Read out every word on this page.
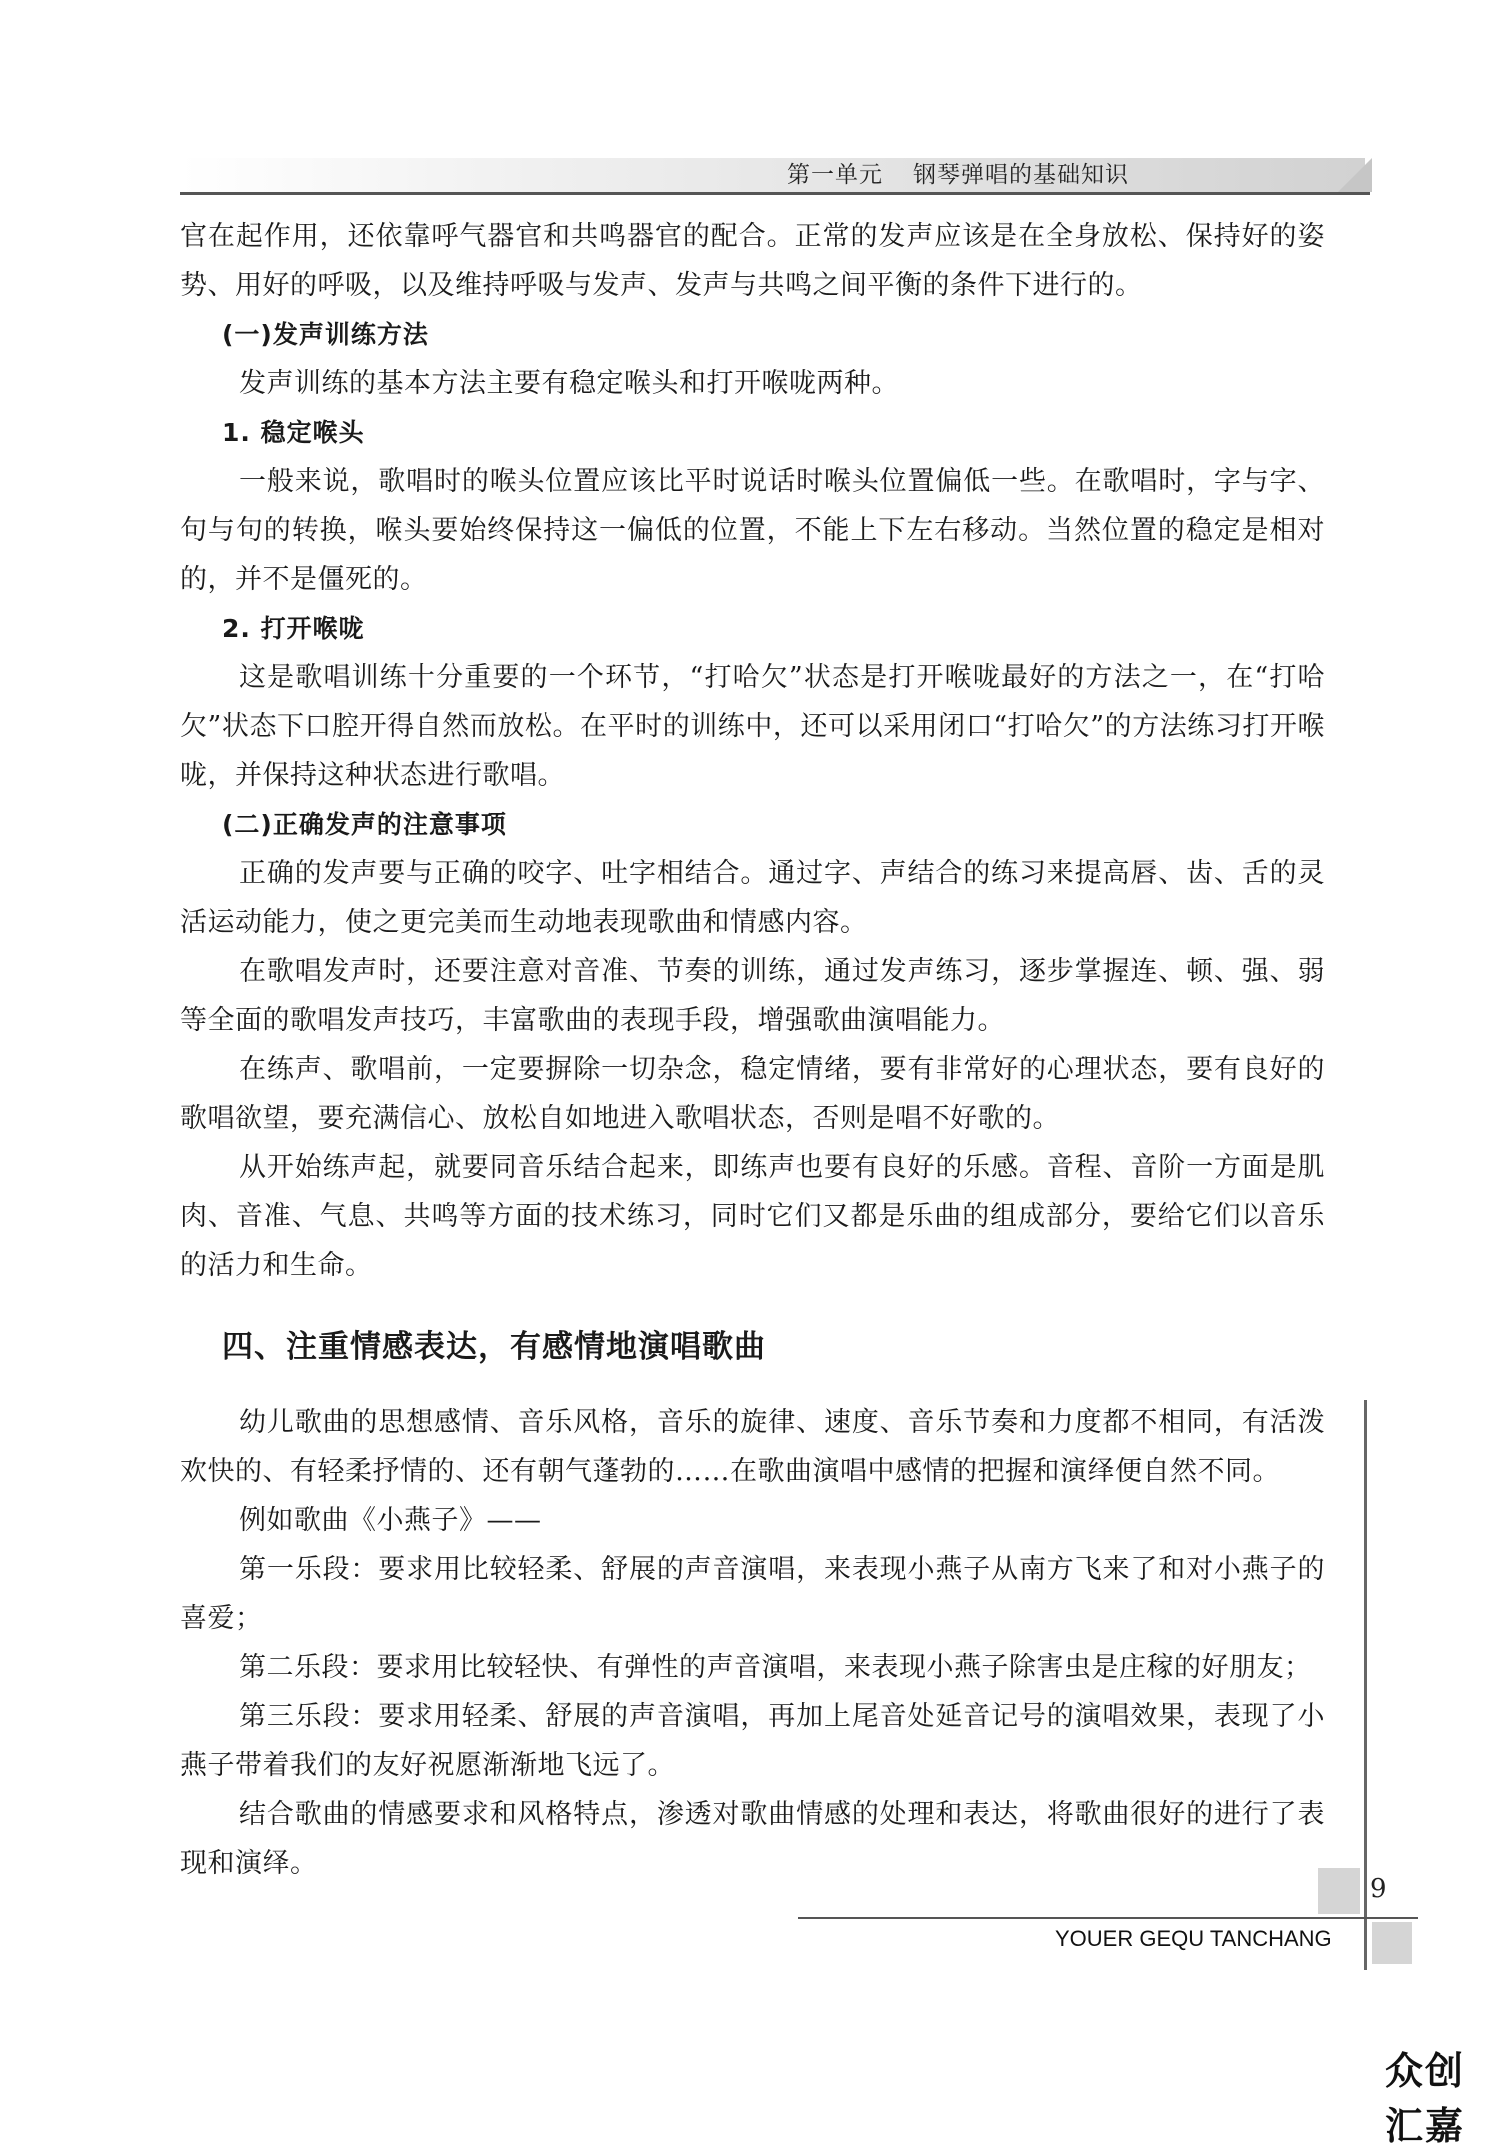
第一单元 钢琴弹唱的基础知识

官在起作用，还依靠呼气器官和共鸣器官的配合。正常的发声应该是在全身放松、保持好的姿势、用好的呼吸，以及维持呼吸与发声、发声与共鸣之间平衡的条件下进行的。

(一)发声训练方法

发声训练的基本方法主要有稳定喉头和打开喉咙两种。

1. 稳定喉头

一般来说，歌唱时的喉头位置应该比平时说话时喉头位置偏低一些。在歌唱时，字与字、句与句的转换，喉头要始终保持这一偏低的位置，不能上下左右移动。当然位置的稳定是相对的，并不是僵死的。

2. 打开喉咙

这是歌唱训练十分重要的一个环节，“打哈欠”状态是打开喉咙最好的方法之一，在“打哈欠”状态下口腔开得自然而放松。在平时的训练中，还可以采用闭口“打哈欠”的方法练习打开喉咙，并保持这种状态进行歌唱。

(二)正确发声的注意事项

正确的发声要与正确的咬字、吐字相结合。通过字、声结合的练习来提高唇、齿、舌的灵活运动能力，使之更完美而生动地表现歌曲和情感内容。

在歌唱发声时，还要注意对音准、节奏的训练，通过发声练习，逐步掌握连、顿、强、弱等全面的歌唱发声技巧，丰富歌曲的表现手段，增强歌曲演唱能力。

在练声、歌唱前，一定要摒除一切杂念，稳定情绪，要有非常好的心理状态，要有良好的歌唱欲望，要充满信心、放松自如地进入歌唱状态，否则是唱不好歌的。

从开始练声起，就要同音乐结合起来，即练声也要有良好的乐感。音程、音阶一方面是肌肉、音准、气息、共鸣等方面的技术练习，同时它们又都是乐曲的组成部分，要给它们以音乐的活力和生命。

四、注重情感表达，有感情地演唱歌曲

幼儿歌曲的思想感情、音乐风格，音乐的旋律、速度、音乐节奏和力度都不相同，有活泼欢快的、有轻柔抒情的、还有朝气蓬勃的……在歌曲演唱中感情的把握和演绎便自然不同。

例如歌曲《小燕子》——

第一乐段：要求用比较轻柔、舒展的声音演唱，来表现小燕子从南方飞来了和对小燕子的喜爱；

第二乐段：要求用比较轻快、有弹性的声音演唱，来表现小燕子除害虫是庄稼的好朋友；

第三乐段：要求用轻柔、舒展的声音演唱，再加上尾音处延音记号的演唱效果，表现了小燕子带着我们的友好祝愿渐渐地飞远了。

结合歌曲的情感要求和风格特点，渗透对歌曲情感的处理和表达，将歌曲很好的进行了表现和演绎。

9
YOUER GEQU TANCHANG
众创汇嘉
